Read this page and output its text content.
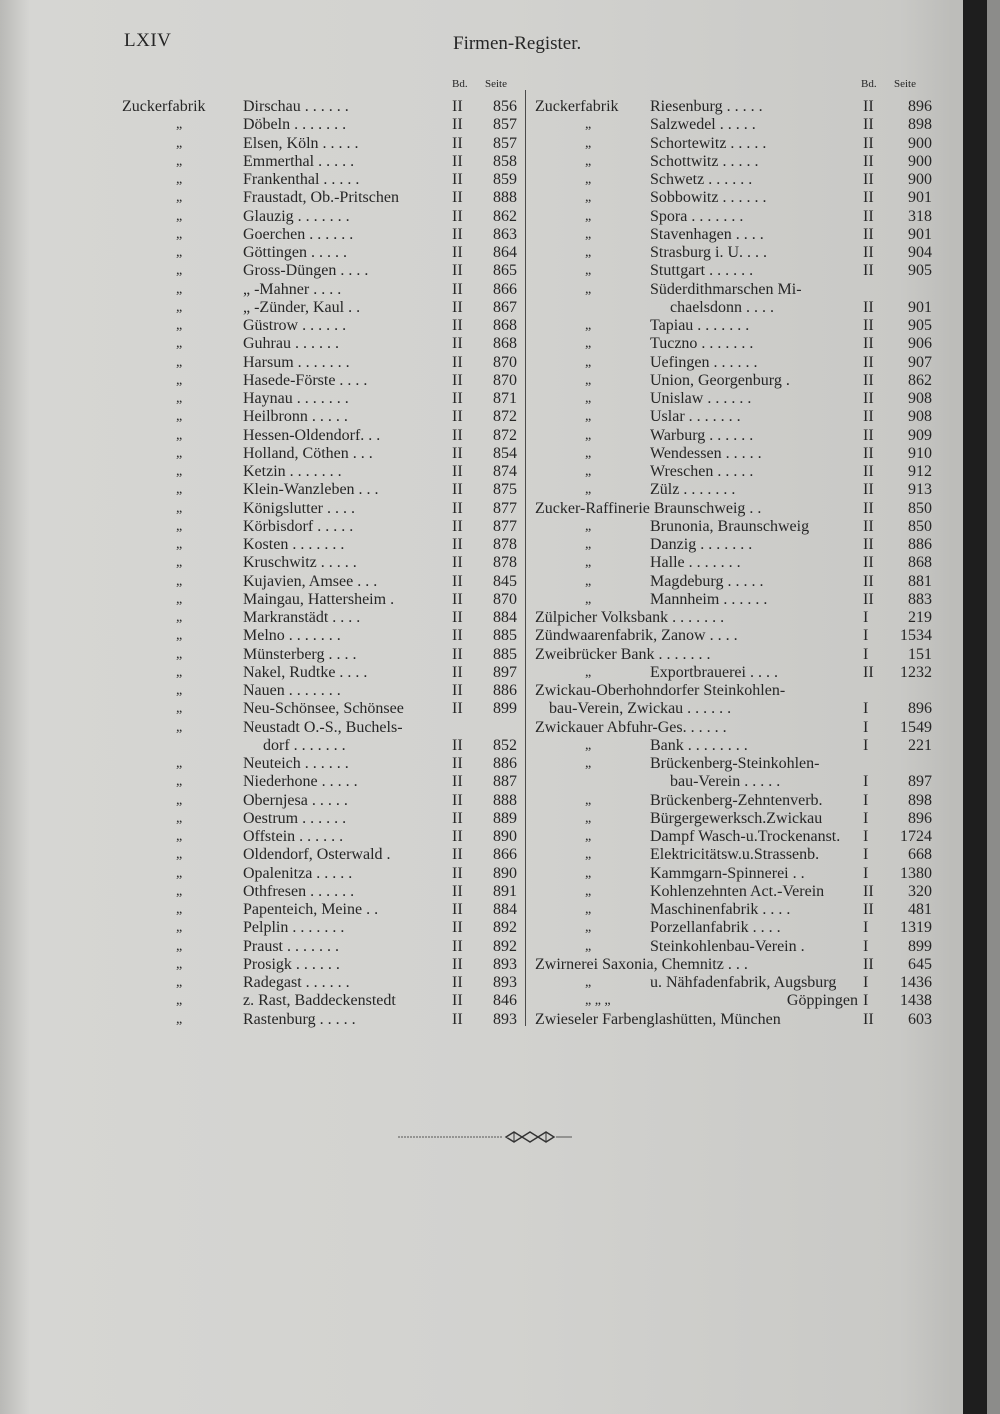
LXIV	Firmen-Register.
Bd. Seite	Bd. Seite
Zuckerfabrik Dirschau . . . . . .	II	856
„	Döbeln . . . . . . .	II	857
„	Elsen, Köln . . . . .	II	857
„	Emmerthal . . . . .	II	858
„	Frankenthal . . . . .	II	859
„	Fraustadt, Ob.-Pritschen	II	888
„	Glauzig . . . . . . .	II	862
„	Goerchen . . . . . .	II	863
„	Göttingen . . . . .	II	864
„	Gross-Düngen . . . .	II	865
„	„ -Mahner . . . .	II	866
„	„ -Zünder, Kaul . .	II	867
„	Güstrow . . . . . .	II	868
„	Guhrau . . . . . .	II	868
„	Harsum . . . . . . .	II	870
„	Hasede-Förste . . . .	II	870
„	Haynau . . . . . . .	II	871
„	Heilbronn . . . . .	II	872
„	Hessen-Oldendorf. . .	II	872
„	Holland, Cöthen . . .	II	854
„	Ketzin . . . . . . .	II	874
„	Klein-Wanzleben . . .	II	875
„	Königslutter . . . .	II	877
„	Körbisdorf . . . . .	II	877
„	Kosten . . . . . . .	II	878
„	Kruschwitz . . . . .	II	878
„	Kujavien, Amsee . . .	II	845
„	Maingau, Hattersheim .	II	870
„	Markranstädt . . . .	II	884
„	Melno . . . . . . .	II	885
„	Münsterberg . . . .	II	885
„	Nakel, Rudtke . . . .	II	897
„	Nauen . . . . . . .	II	886
„	Neu-Schönsee, Schönsee	II	899
„	Neustadt O.-S., Buchels-
dorf . . . . . . .	II	852
„	Neuteich . . . . . .	II	886
„	Niederhone . . . . .	II	887
„	Obernjesa . . . . .	II	888
„	Oestrum . . . . . .	II	889
„	Offstein . . . . . .	II	890
„	Oldendorf, Osterwald .	II	866
„	Opalenitza . . . . .	II	890
„	Othfresen . . . . . .	II	891
„	Papenteich, Meine . .	II	884
„	Pelplin . . . . . . .	II	892
„	Praust . . . . . . .	II	892
„	Prosigk . . . . . .	II	893
„	Radegast . . . . . .	II	893
„	z. Rast, Baddeckenstedt	II	846
„	Rastenburg . . . . .	II	893
Zuckerfabrik Riesenburg . . . . .	II	896
„	Salzwedel . . . . .	II	898
„	Schortewitz . . . . .	II	900
„	Schottwitz . . . . .	II	900
„	Schwetz . . . . . .	II	900
„	Sobbowitz . . . . . .	II	901
„	Spora . . . . . . .	II	318
„	Stavenhagen . . . .	II	901
„	Strasburg i. U. . . .	II	904
„	Stuttgart . . . . . .	II	905
„	Süderdithmarschen Mi-
chaelsdonn . . . .	II	901
„	Tapiau . . . . . . .	II	905
„	Tuczno . . . . . . .	II	906
„	Uefingen . . . . . .	II	907
„	Union, Georgenburg .	II	862
„	Unislaw . . . . . .	II	908
„	Uslar . . . . . . .	II	908
„	Warburg . . . . . .	II	909
„	Wendessen . . . . .	II	910
„	Wreschen . . . . .	II	912
„	Zülz . . . . . . .	II	913
Zucker-Raffinerie Braunschweig . .	II	850
„	Brunonia, Braunschweig	II	850
„	Danzig . . . . . . .	II	886
„	Halle . . . . . . .	II	868
„	Magdeburg . . . . .	II	881
„	Mannheim . . . . . .	II	883
Zülpicher Volksbank . . . . . . .	I	219
Zündwaarenfabrik, Zanow . . . .	I	1534
Zweibrücker Bank . . . . . . .	I	151
„	Exportbrauerei . . . .	II	1232
Zwickau-Oberhohndorfer Steinkohlen-
bau-Verein, Zwickau . . . . . .	I	896
Zwickauer Abfuhr-Ges. . . . . .	I	1549
„	Bank . . . . . . . .	I	221
„	Brückenberg-Steinkohlen-
bau-Verein . . . . .	I	897
„	Brückenberg-Zehntenverb.	I	898
„	Bürgergewerksch.Zwickau	I	896
„	Dampf Wasch-u.Trockenanst. I	1724
„	Elektricitätsw.u.Strassenb.	I	668
„	Kammgarn-Spinnerei . .	I	1380
„	Kohlenzehnten Act.-Verein II	320
„	Maschinenfabrik . . . .	II	481
„	Porzellanfabrik . . . .	I	1319
„	Steinkohlenbau-Verein .	I	899
Zwirnerei Saxonia, Chemnitz . . .	II	645
„	u. Nähfadenfabrik, Augsburg I	1436
„ „ „	Göppingen I	1438
Zwieseler Farbenglashütten, München	II	603
